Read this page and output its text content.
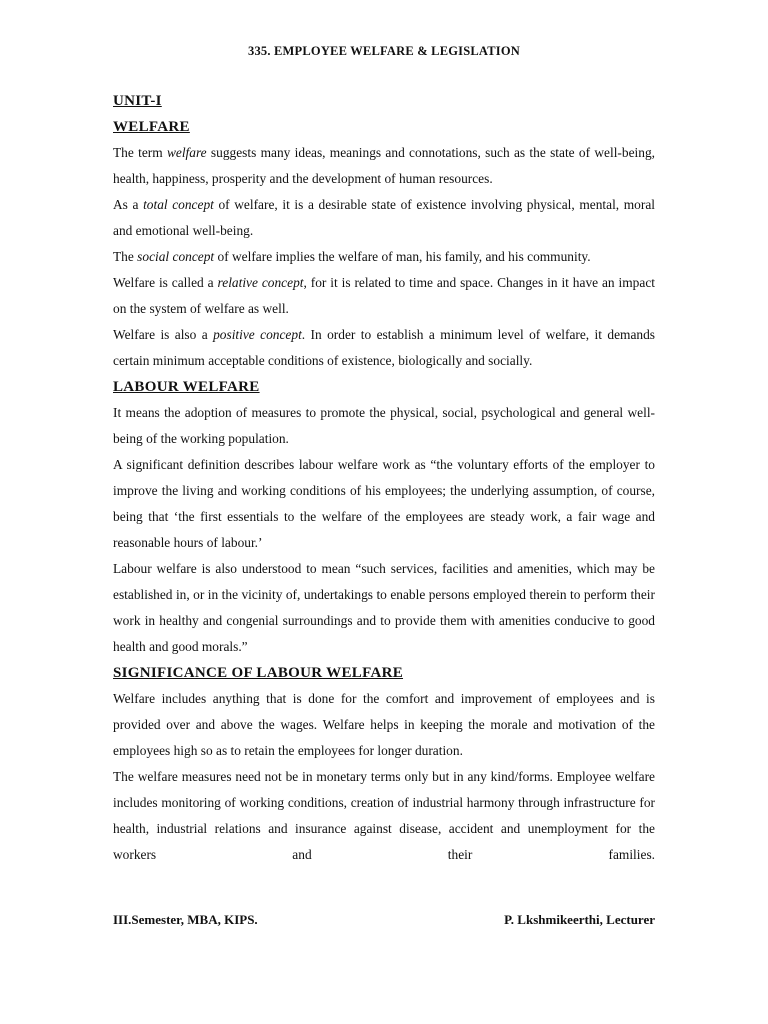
335. EMPLOYEE WELFARE & LEGISLATION
UNIT-I
WELFARE

The term welfare suggests many ideas, meanings and connotations, such as the state of well-being, health, happiness, prosperity and the development of human resources.

As a total concept of welfare, it is a desirable state of existence involving physical, mental, moral and emotional well-being.

The social concept of welfare implies the welfare of man, his family, and his community.

Welfare is called a relative concept, for it is related to time and space. Changes in it have an impact on the system of welfare as well.

Welfare is also a positive concept. In order to establish a minimum level of welfare, it demands certain minimum acceptable conditions of existence, biologically and socially.

LABOUR WELFARE

It means the adoption of measures to promote the physical, social, psychological and general well-being of the working population.

A significant definition describes labour welfare work as “the voluntary efforts of the employer to improve the living and working conditions of his employees; the underlying assumption, of course, being that ‘the first essentials to the welfare of the employees are steady work, a fair wage and reasonable hours of labour.’

Labour welfare is also understood to mean “such services, facilities and amenities, which may be established in, or in the vicinity of, undertakings to enable persons employed therein to perform their work in healthy and congenial surroundings and to provide them with amenities conducive to good health and good morals.”

SIGNIFICANCE OF LABOUR WELFARE

Welfare includes anything that is done for the comfort and improvement of employees and is provided over and above the wages. Welfare helps in keeping the morale and motivation of the employees high so as to retain the employees for longer duration.

The welfare measures need not be in monetary terms only but in any kind/forms. Employee welfare includes monitoring of working conditions, creation of industrial harmony through infrastructure for health, industrial relations and insurance against disease, accident and unemployment for the workers and their families.

III.Semester, MBA, KIPS.	P. Lkshmikeerthi, Lecturer
